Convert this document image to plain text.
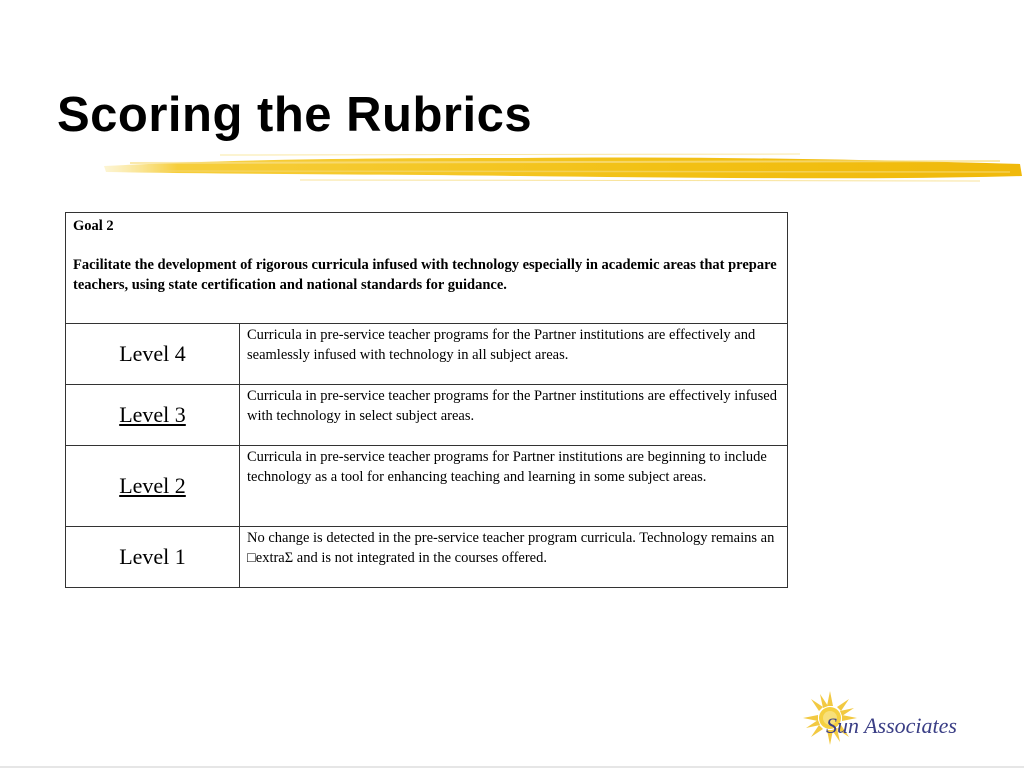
Scoring the Rubrics

Goal 2

Facilitate the development of rigorous curricula infused with technology especially in academic areas that prepare teachers, using state certification and national standards for guidance.	

Level 4	Curricula in pre-service teacher programs for the Partner institutions are effectively and seamlessly infused with technology in all subject areas.
Level 3	Curricula in pre-service teacher programs for the Partner institutions are effectively infused with technology in select subject areas.
Level 2	Curricula in pre-service teacher programs for Partner institutions are beginning to include technology as a tool for enhancing teaching and learning in some subject areas.
Level 1	No change is detected in the pre-service teacher program curricula. Technology remains an □extraΣ and is not integrated in the courses offered.
Sun Associates
